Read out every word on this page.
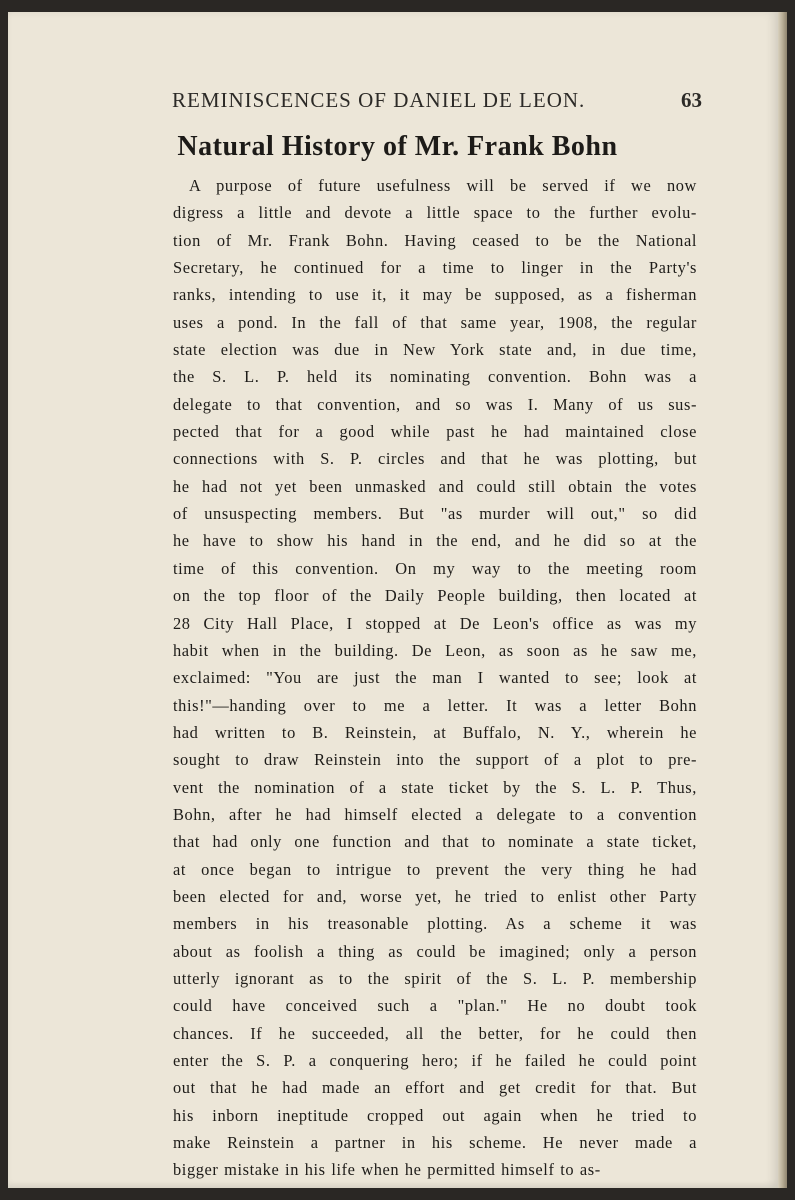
REMINISCENCES OF DANIEL DE LEON.	63
Natural History of Mr. Frank Bohn
A purpose of future usefulness will be served if we now
digress a little and devote a little space to the further evolu-
tion of Mr. Frank Bohn. Having ceased to be the National
Secretary, he continued for a time to linger in the Party's
ranks, intending to use it, it may be supposed, as a fisherman
uses a pond. In the fall of that same year, 1908, the regular
state election was due in New York state and, in due time,
the S. L. P. held its nominating convention. Bohn was a
delegate to that convention, and so was I. Many of us sus-
pected that for a good while past he had maintained close
connections with S. P. circles and that he was plotting, but
he had not yet been unmasked and could still obtain the votes
of unsuspecting members. But "as murder will out," so did
he have to show his hand in the end, and he did so at the
time of this convention. On my way to the meeting room
on the top floor of the Daily People building, then located at
28 City Hall Place, I stopped at De Leon's office as was my
habit when in the building. De Leon, as soon as he saw me,
exclaimed: "You are just the man I wanted to see; look at
this!"—handing over to me a letter. It was a letter Bohn
had written to B. Reinstein, at Buffalo, N. Y., wherein he
sought to draw Reinstein into the support of a plot to pre-
vent the nomination of a state ticket by the S. L. P. Thus,
Bohn, after he had himself elected a delegate to a convention
that had only one function and that to nominate a state ticket,
at once began to intrigue to prevent the very thing he had
been elected for and, worse yet, he tried to enlist other Party
members in his treasonable plotting. As a scheme it was
about as foolish a thing as could be imagined; only a person
utterly ignorant as to the spirit of the S. L. P. membership
could have conceived such a "plan." He no doubt took
chances. If he succeeded, all the better, for he could then
enter the S. P. a conquering hero; if he failed he could point
out that he had made an effort and get credit for that. But
his inborn ineptitude cropped out again when he tried to
make Reinstein a partner in his scheme. He never made a
bigger mistake in his life when he permitted himself to as-
